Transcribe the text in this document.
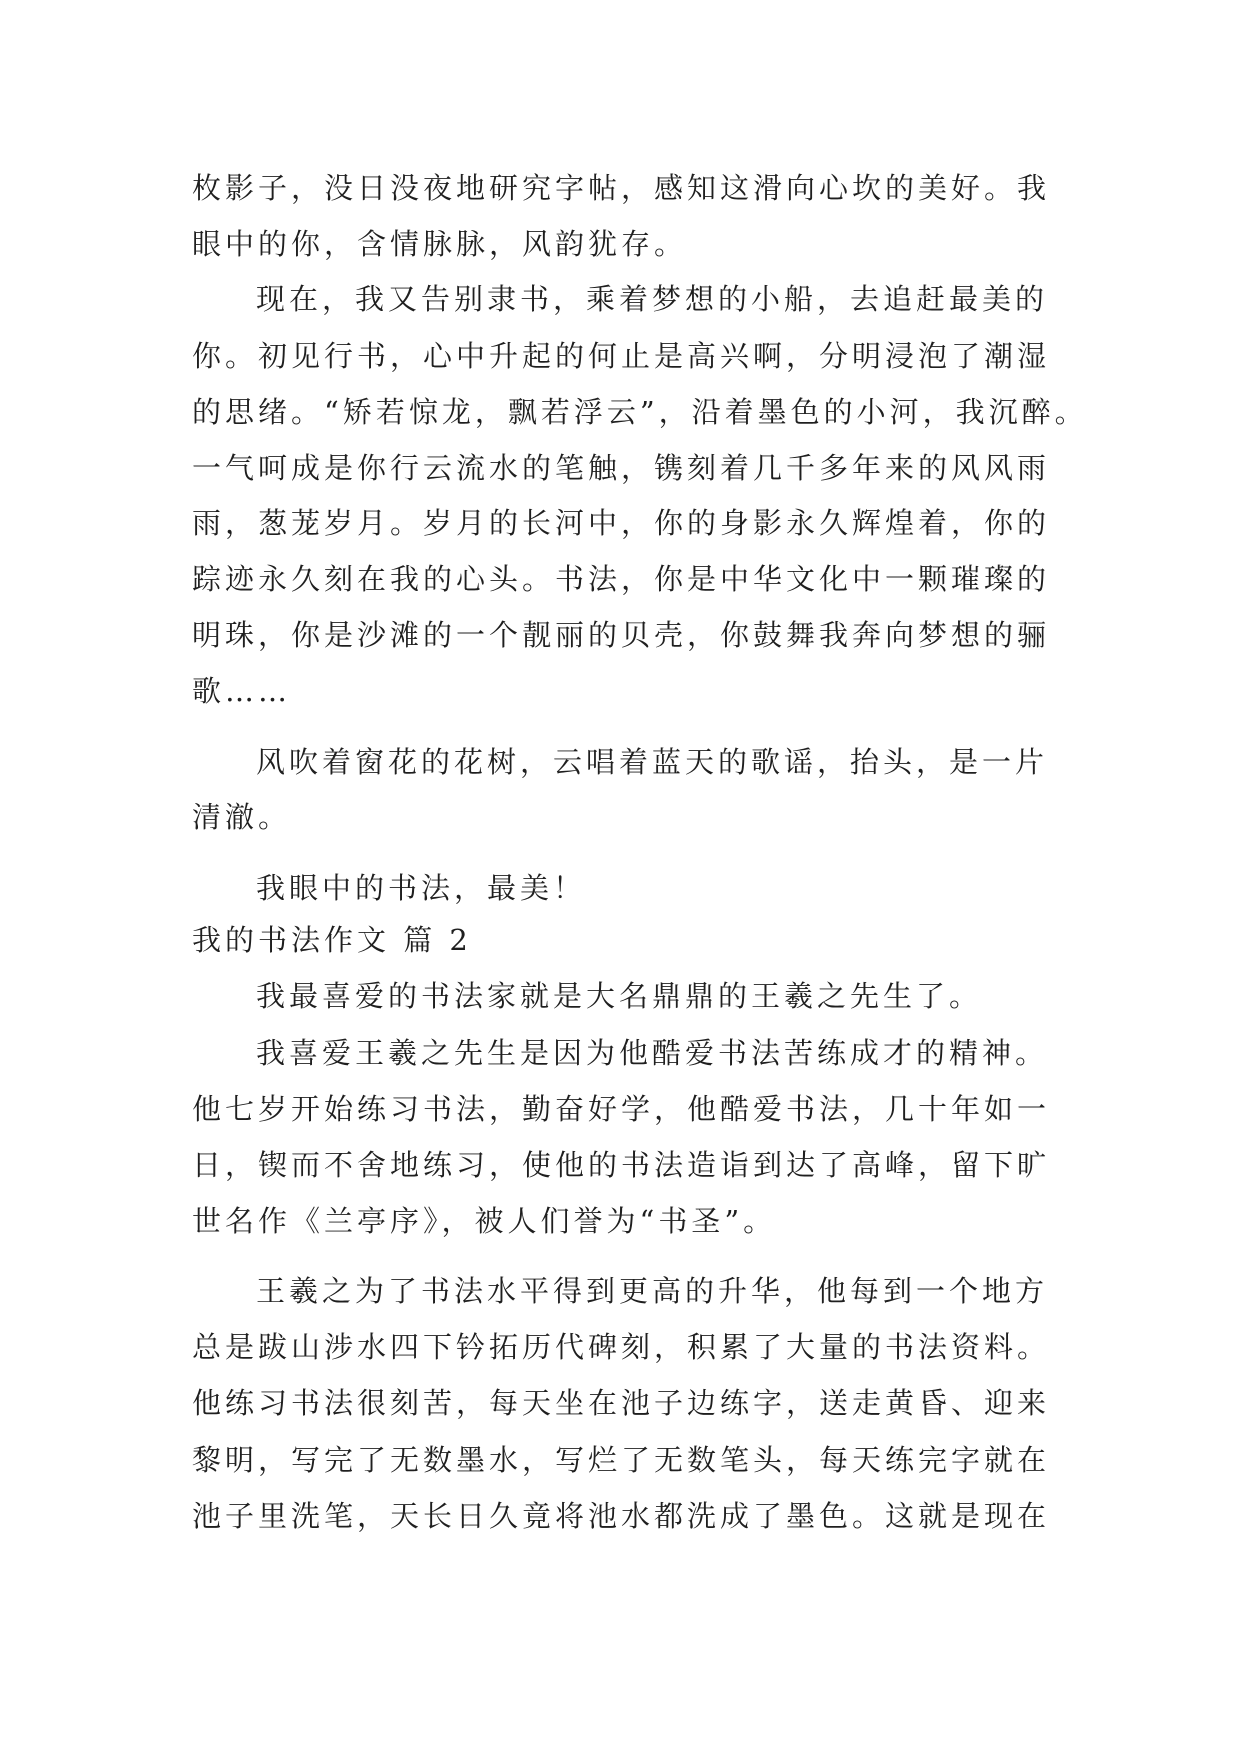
枚影子，没日没夜地研究字帖，感知这滑向心坎的美好。我

眼中的你，含情脉脉，风韵犹存。

现在，我又告别隶书，乘着梦想的小船，去追赶最美的

你。初见行书，心中升起的何止是高兴啊，分明浸泡了潮湿

的思绪。“矫若惊龙，飘若浮云”，沿着墨色的小河，我沉醉。

一气呵成是你行云流水的笔触，镌刻着几千多年来的风风雨

雨，葱茏岁月。岁月的长河中，你的身影永久辉煌着，你的

踪迹永久刻在我的心头。书法，你是中华文化中一颗璀璨的

明珠，你是沙滩的一个靓丽的贝壳，你鼓舞我奔向梦想的骊

歌……

风吹着窗花的花树，云唱着蓝天的歌谣，抬头，是一片

清澈。

我眼中的书法，最美！

我的书法作文 篇 2

我最喜爱的书法家就是大名鼎鼎的王羲之先生了。

我喜爱王羲之先生是因为他酷爱书法苦练成才的精神。

他七岁开始练习书法，勤奋好学，他酷爱书法，几十年如一

日，锲而不舍地练习，使他的书法造诣到达了高峰，留下旷

世名作《兰亭序》，被人们誉为“书圣”。

王羲之为了书法水平得到更高的升华，他每到一个地方

总是跋山涉水四下钤拓历代碑刻，积累了大量的书法资料。

他练习书法很刻苦，每天坐在池子边练字，送走黄昏、迎来

黎明，写完了无数墨水，写烂了无数笔头，每天练完字就在

池子里洗笔，天长日久竟将池水都洗成了墨色。这就是现在
